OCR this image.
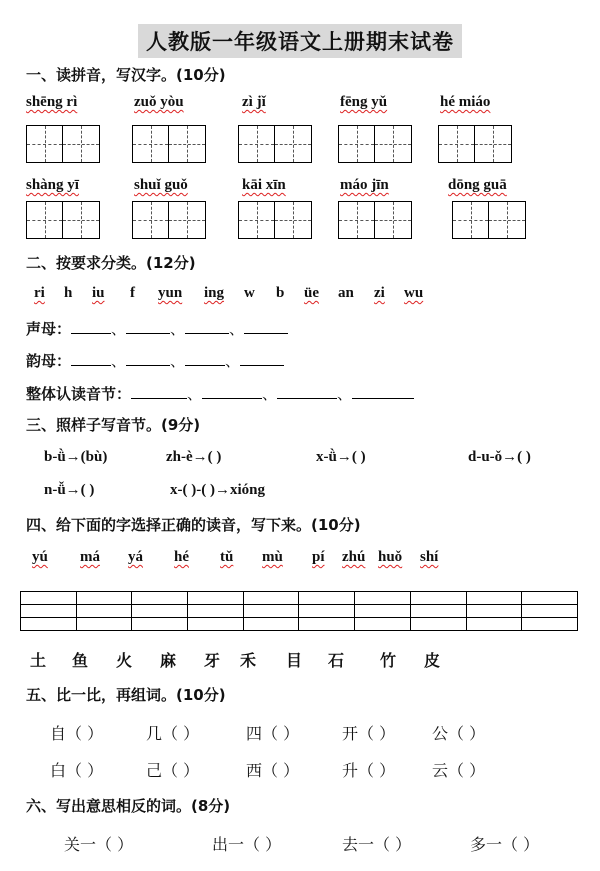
人教版一年级语文上册期末试卷
一、读拼音，写汉字。(10分)
shēng rì	zuǒ yòu	zì jǐ	fēng yǔ	hé miáo
shàng yī	shuǐ guǒ	kāi xīn	máo jīn	dōng guā
二、按要求分类。(12分)
ri h iu f yun ing w b üe an zi wu
声母：	、	、	、
韵母：	、	、	、
整体认读音节：	、	、	、
三、照样子写音节。(9分)
b-ǜ→(bù)	zh-è→( )	x-ǜ→( )	d-u-ǒ→( )
n-ǚ→( )	x-( )-( )→xióng
四、给下面的字选择正确的读音，写下来。(10分)
yú má yá hé tǔ mù pí zhú huǒ shí

土 鱼 火 麻 牙 禾 目 石 竹 皮
五、比一比，再组词。(10分)
自（ ）	几（ ）	四（ ）	开（ ） 公（ ）
白（ ）	己（ ）	西（ ）	升（ ） 云（ ）
六、写出意思相反的词。(8分)
关一（ ）	出一（ ）	去一（ ）	多一（ ）
